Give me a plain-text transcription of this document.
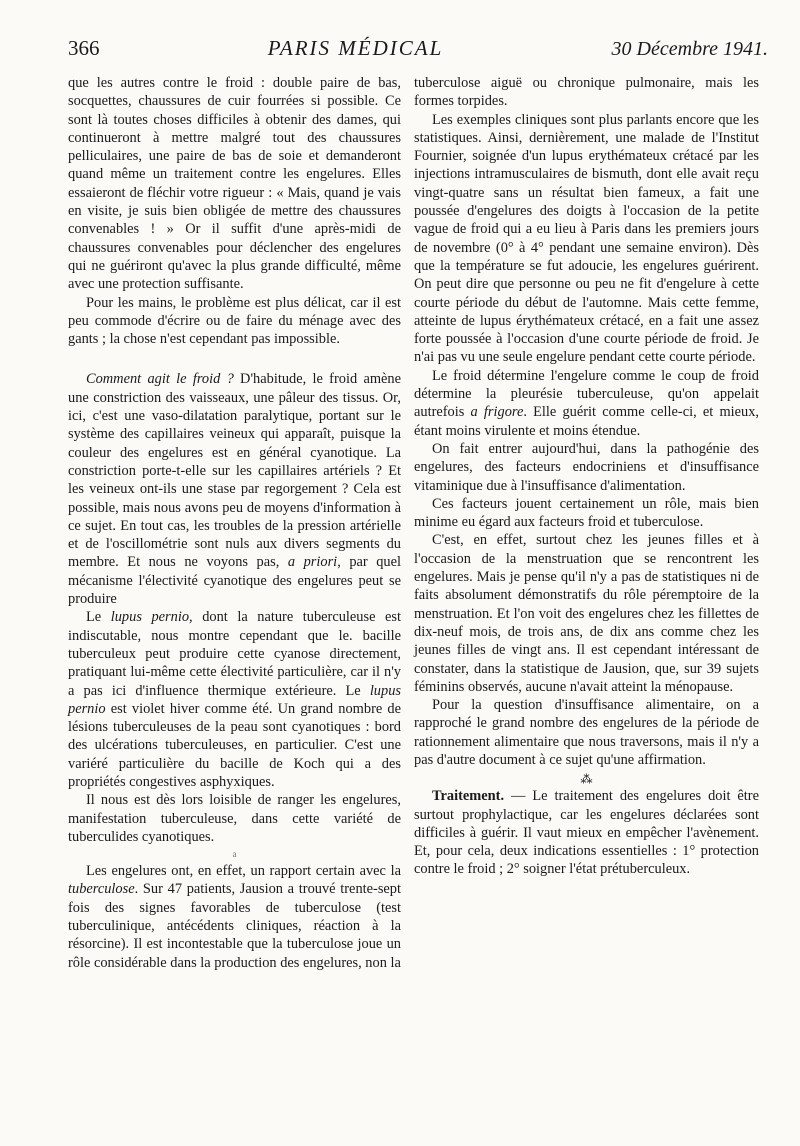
366	PARIS MÉDICAL	30 Décembre 1941.

que les autres contre le froid : double paire de bas, socquettes, chaussures de cuir fourrées si possible. Ce sont là toutes choses difficiles à obtenir des dames, qui continueront à mettre malgré tout des chaussures pelliculaires, une paire de bas de soie et demanderont quand même un traitement contre les engelures. Elles essaieront de fléchir votre rigueur : « Mais, quand je vais en visite, je suis bien obligée de mettre des chaussures convenables ! » Or il suffit d'une après-midi de chaussures convenables pour déclencher des engelures qui ne guériront qu'avec la plus grande difficulté, même avec une protection suffisante.

Pour les mains, le problème est plus délicat, car il est peu commode d'écrire ou de faire du ménage avec des gants ; la chose n'est cependant pas impossible.

Comment agit le froid ? D'habitude, le froid amène une constriction des vaisseaux, une pâleur des tissus. Or, ici, c'est une vaso-dilatation paralytique, portant sur le système des capillaires veineux qui apparaît, puisque la couleur des engelures est en général cyanotique. La constriction porte-t-elle sur les capillaires artériels ? Et les veineux ont-ils une stase par regorgement ? Cela est possible, mais nous avons peu de moyens d'information à ce sujet. En tout cas, les troubles de la pression artérielle et de l'oscillométrie sont nuls aux divers segments du membre. Et nous ne voyons pas, a priori, par quel mécanisme l'électivité cyanotique des engelures peut se produire

Le lupus pernio, dont la nature tuberculeuse est indiscutable, nous montre cependant que le. bacille tuberculeux peut produire cette cyanose directement, pratiquant lui-même cette électivité particulière, car il n'y a pas ici d'influence thermique extérieure. Le lupus pernio est violet hiver comme été. Un grand nombre de lésions tuberculeuses de la peau sont cyanotiques : bord des ulcérations tuberculeuses, en particulier. C'est une variéré particulière du bacille de Koch qui a des propriétés congestives asphyxiques.

Il nous est dès lors loisible de ranger les engelures, manifestation tuberculeuse, dans cette variété de tuberculides cyanotiques.

a

Les engelures ont, en effet, un rapport certain avec la tuberculose. Sur 47 patients, Jausion a trouvé trente-sept fois des signes favorables de tuberculose (test tuberculinique, antécédents cliniques, réaction à la résorcine). Il est incontestable que la tuberculose joue un rôle considérable dans la production des engelures, non la

tuberculose aiguë ou chronique pulmonaire, mais les formes torpides.

Les exemples cliniques sont plus parlants encore que les statistiques. Ainsi, dernièrement, une malade de l'Institut Fournier, soignée d'un lupus erythémateux crétacé par les injections intramusculaires de bismuth, dont elle avait reçu vingt-quatre sans un résultat bien fameux, a fait une poussée d'engelures des doigts à l'occasion de la petite vague de froid qui a eu lieu à Paris dans les premiers jours de novembre (0° à 4° pendant une semaine environ). Dès que la température se fut adoucie, les engelures guérirent. On peut dire que personne ou peu ne fit d'engelure à cette courte période du début de l'automne. Mais cette femme, atteinte de lupus érythémateux crétacé, en a fait une assez forte poussée à l'occasion d'une courte période de froid. Je n'ai pas vu une seule engelure pendant cette courte période.

Le froid détermine l'engelure comme le coup de froid détermine la pleurésie tuberculeuse, qu'on appelait autrefois a frigore. Elle guérit comme celle-ci, et mieux, étant moins virulente et moins étendue.

On fait entrer aujourd'hui, dans la pathogénie des engelures, des facteurs endocriniens et d'insuffisance vitaminique due à l'insuffisance d'alimentation.

Ces facteurs jouent certainement un rôle, mais bien minime eu égard aux facteurs froid et tuberculose.

C'est, en effet, surtout chez les jeunes filles et à l'occasion de la menstruation que se rencontrent les engelures. Mais je pense qu'il n'y a pas de statistiques ni de faits absolument démonstratifs du rôle péremptoire de la menstruation. Et l'on voit des engelures chez les fillettes de dix-neuf mois, de trois ans, de dix ans comme chez les jeunes filles de vingt ans. Il est cependant intéressant de constater, dans la statistique de Jausion, que, sur 39 sujets féminins observés, aucune n'avait atteint la ménopause.

Pour la question d'insuffisance alimentaire, on a rapproché le grand nombre des engelures de la période de rationnement alimentaire que nous traversons, mais il n'y a pas d'autre document à ce sujet qu'une affirmation.

⁂

Traitement. — Le traitement des engelures doit être surtout prophylactique, car les engelures déclarées sont difficiles à guérir. Il vaut mieux en empêcher l'avènement. Et, pour cela, deux indications essentielles : 1° protection contre le froid ; 2° soigner l'état prétuberculeux.
